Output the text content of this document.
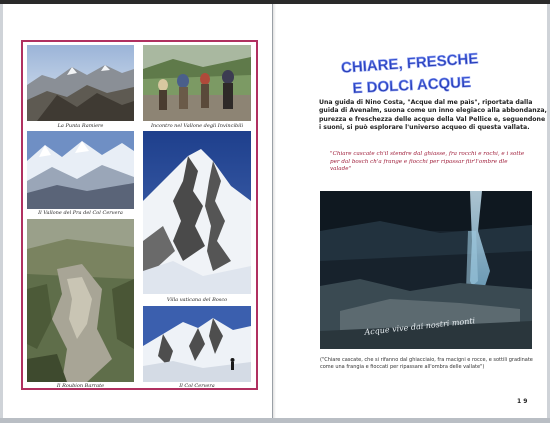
La Punta Ramiere	Incontro nel Vallone degli Invincibili
Il Vallone del Pra del Col Cervera
Villa vaticana del Bosco
Il Roubion Barrate	Il Col Cervera
CHIARE, FRESCHE
E DOLCI ACQUE
Una guida di Nino Costa, "Acque dal me paìs", riportata dalla guida di Avenalm, suona come un inno elegiaco alla abbondanza, purezza e freschezza delle acque della Val Pellice e, seguendone i suoni, si può esplorare l'universo acqueo di questa vallata.
"Chiare cascate ch'il stendre dal ghiasse, fra rocchi e rochi, e i sotte per dal bosch ch'a frange e fiocchi per ripassar fiir'l'ombre dle valade"
Acque vive dai nostri monti
("Chiare cascate, che si rifanno dal ghiacciaio, fra macigni e rocce, e sottili gradinate come una frangia e fioccati per ripassare all'ombra delle vallate")
1 9
